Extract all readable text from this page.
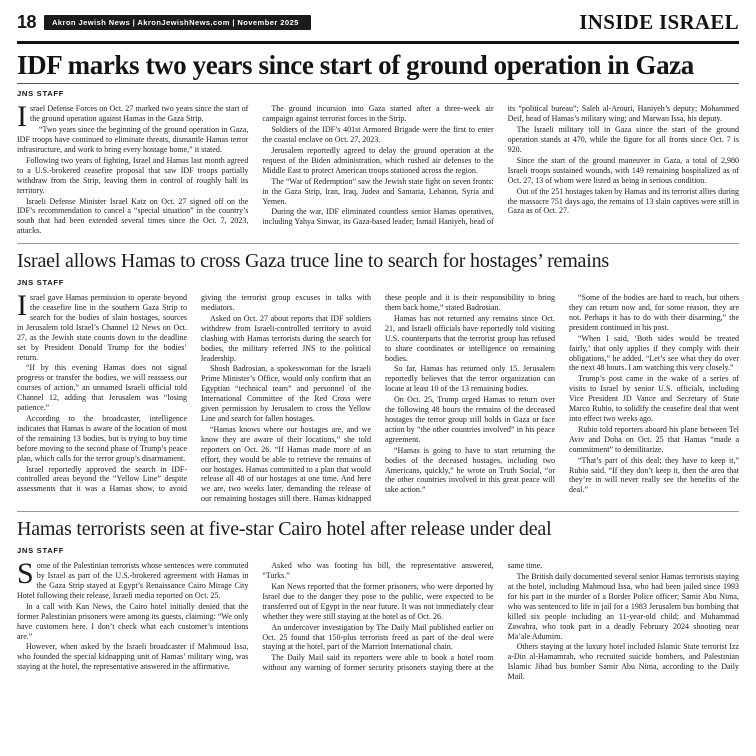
18	Akron Jewish News | AkronJewishNews.com | November 2025	INSIDE ISRAEL
IDF marks two years since start of ground operation in Gaza
JNS STAFF

Israel Defense Forces on Oct. 27 marked two years since the start of the ground operation against Hamas in the Gaza Strip.

“Two years since the beginning of the ground operation in Gaza, IDF troops have continued to eliminate threats, dismantle Hamas terror infrastructure, and work to bring every hostage home,” it stated.

Following two years of fighting, Israel and Hamas last month agreed to a U.S.-brokered ceasefire proposal that saw IDF troops partially withdraw from the Strip, leaving them in control of roughly half its territory.

Israeli Defense Minister Israel Katz on Oct. 27 signed off on the IDF’s recommendation to cancel a “special situation” in the country’s south that had been extended several times since the Oct. 7, 2023, attacks.

The ground incursion into Gaza started after a three-week air campaign against terrorist forces in the Strip.

Soldiers of the IDF’s 401st Armored Brigade were the first to enter the coastal enclave on Oct. 27, 2023.

Jerusalem reportedly agreed to delay the ground operation at the request of the Biden administration, which rushed air defenses to the Middle East to protect American troops stationed across the region.

The “War of Redemption” saw the Jewish state fight on seven fronts: in the Gaza Strip, Iran, Iraq, Judea and Samaria, Lebanon, Syria and Yemen.

During the war, IDF eliminated countless senior Hamas operatives, including Yahya Sinwar, its Gaza-based leader; Ismail Haniyeh, head of its “political bureau”; Saleh al-Arouri, Haniyeh’s deputy; Mohammed Deif, head of Hamas’s military wing; and Marwan Issa, his deputy.

The Israeli military toll in Gaza since the start of the ground operation stands at 470, while the figure for all fronts since Oct. 7 is 920.

Since the start of the ground maneuver in Gaza, a total of 2,980 Israeli troops sustained wounds, with 149 remaining hospitalized as of Oct. 27, 13 of whom were listed as being in serious condition.

Out of the 251 hostages taken by Hamas and its terrorist allies during the massacre 751 days ago, the remains of 13 slain captives were still in Gaza as of Oct. 27.

Israel allows Hamas to cross Gaza truce line to search for hostages’ remains
JNS STAFF

Israel gave Hamas permission to operate beyond the ceasefire line in the southern Gaza Strip to search for the bodies of slain hostages, sources in Jerusalem told Israel’s Channel 12 News on Oct. 27, as the Jewish state counts down to the deadline set by President Donald Trump for the bodies’ return.

“If by this evening Hamas does not signal progress or transfer the bodies, we will reassess our courses of action,” an unnamed Israeli official told Channel 12, adding that Jerusalem was “losing patience.”

According to the broadcaster, intelligence indicates that Hamas is aware of the location of most of the remaining 13 bodies, but is trying to buy time before moving to the second phase of Trump’s peace plan, which calls for the terror group’s disarmament.

Israel reportedly approved the search in IDF-controlled areas beyond the “Yellow Line” despite assessments that it was a Hamas show, to avoid giving the terrorist group excuses in talks with mediators.

Asked on Oct. 27 about reports that IDF soldiers withdrew from Israeli-controlled territory to avoid clashing with Hamas terrorists during the search for bodies, the military referred JNS to the political leadership.

Shosh Badrosian, a spokeswoman for the Israeli Prime Minister’s Office, would only confirm that an Egyptian “technical team” and personnel of the International Committee of the Red Cross were given permission by Jerusalem to cross the Yellow Line and search for fallen hostages.

“Hamas knows where our hostages are, and we know they are aware of their locations,” she told reporters on Oct. 26. “If Hamas made more of an effort, they would be able to retrieve the remains of our hostages. Hamas committed to a plan that would release all 48 of our hostages at one time. And here we are, two weeks later, demanding the release of our remaining hostages still there. Hamas kidnapped these people and it is their responsibility to bring them back home,” stated Badrosian.

Hamas has not returned any remains since Oct. 21, and Israeli officials have reportedly told visiting U.S. counterparts that the terrorist group has refused to share coordinates or intelligence on remaining bodies.

So far, Hamas has returned only 15. Jerusalem reportedly believes that the terror organization can locate at least 10 of the 13 remaining bodies.

On Oct. 25, Trump urged Hamas to return over the following 48 hours the remains of the deceased hostages the terror group still holds in Gaza or face action by “the other countries involved” in his peace agreement.

“Hamas is going to have to start returning the bodies of the deceased hostages, including two Americans, quickly,” he wrote on Truth Social, “or the other countries involved in this great peace will take action.”

“Some of the bodies are hard to reach, but others they can return now and, for some reason, they are not. Perhaps it has to do with their disarming,” the president continued in his post.

“When I said, ‘Both sides would be treated fairly,’ that only applies if they comply with their obligations,” he added. “Let’s see what they do over the next 48 hours. I am watching this very closely.”

Trump’s post came in the wake of a series of visits to Israel by senior U.S. officials, including Vice President JD Vance and Secretary of State Marco Rubio, to solidify the ceasefire deal that went into effect two weeks ago.

Rubio told reporters aboard his plane between Tel Aviv and Doha on Oct. 25 that Hamas “made a commitment” to demilitarize.

“That’s part of this deal; they have to keep it,” Rubio said. “If they don’t keep it, then the area that they’re in will never really see the benefits of the deal.”

Hamas terrorists seen at five-star Cairo hotel after release under deal
JNS STAFF

Some of the Palestinian terrorists whose sentences were commuted by Israel as part of the U.S.-brokered agreement with Hamas in the Gaza Strip stayed at Egypt’s Renaissance Cairo Mirage City Hotel following their release, Israeli media reported on Oct. 25.

In a call with Kan News, the Cairo hotel initially denied that the former Palestinian prisoners were among its guests, claiming: “We only have customers here. I don’t check what each customer’s intentions are.”

However, when asked by the Israeli broadcaster if Mahmoud Issa, who founded the special kidnapping unit of Hamas’ military wing, was staying at the hotel, the representative answered in the affirmative.

Asked who was footing his bill, the representative answered, “Turks.”

Kan News reported that the former prisoners, who were deported by Israel due to the danger they pose to the public, were expected to be transferred out of Egypt in the near future. It was not immediately clear whether they were still staying at the hotel as of Oct. 26.

An undercover investigation by The Daily Mail published earlier on Oct. 25 found that 150-plus terrorists freed as part of the deal were staying at the hotel, part of the Marriott International chain.

The Daily Mail said its reporters were able to book a hotel room without any warning of former security prisoners staying there at the same time.

The British daily documented several senior Hamas terrorists staying at the hotel, including Mahmoud Issa, who had been jailed since 1993 for his part in the murder of a Border Police officer; Samir Abu Nima, who was sentenced to life in jail for a 1983 Jerusalem bus bombing that killed six people including an 11-year-old child; and Muhammad Zawahra, who took part in a deadly February 2024 shooting near Ma’ale Adumim.

Others staying at the luxury hotel included Islamic State terrorist Izz a-Din al-Hamamrah, who recruited suicide bombers, and Palestinian Islamic Jihad bus bomber Samir Abu Nima, according to the Daily Mail.
